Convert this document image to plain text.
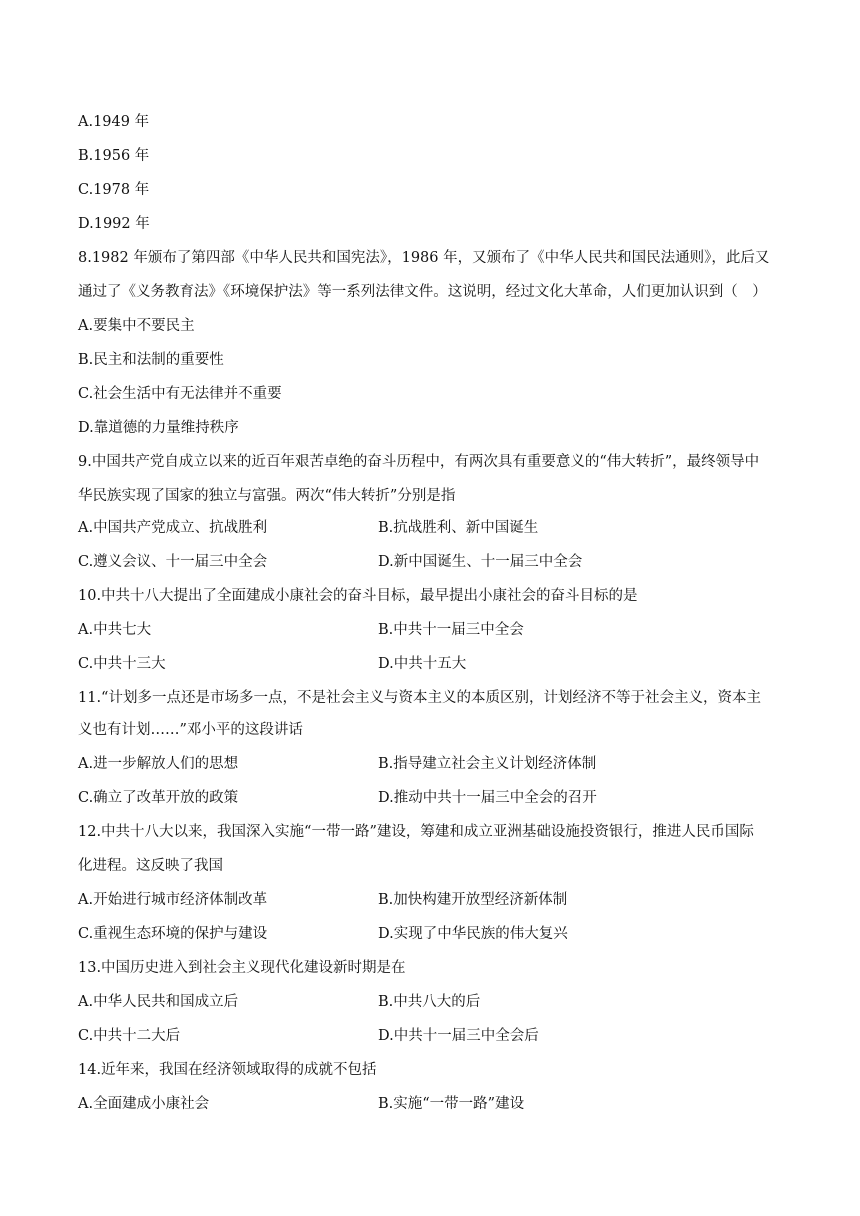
A.1949 年
B.1956 年
C.1978 年
D.1992 年
8.1982 年颁布了第四部《中华人民共和国宪法》，1986 年，又颁布了《中华人民共和国民法通则》，此后又
通过了《义务教育法》《环境保护法》等一系列法律文件。这说明，经过文化大革命，人们更加认识到（　）
A.要集中不要民主
B.民主和法制的重要性
C.社会生活中有无法律并不重要
D.靠道德的力量维持秩序
9.中国共产党自成立以来的近百年艰苦卓绝的奋斗历程中，有两次具有重要意义的“伟大转折”，最终领导中
华民族实现了国家的独立与富强。两次“伟大转折”分别是指
A.中国共产党成立、抗战胜利	B.抗战胜利、新中国诞生
C.遵义会议、十一届三中全会	D.新中国诞生、十一届三中全会
10.中共十八大提出了全面建成小康社会的奋斗目标，最早提出小康社会的奋斗目标的是
A.中共七大	B.中共十一届三中全会
C.中共十三大	D.中共十五大
11.“计划多一点还是市场多一点，不是社会主义与资本主义的本质区别，计划经济不等于社会主义，资本主
义也有计划……”邓小平的这段讲话
A.进一步解放人们的思想	B.指导建立社会主义计划经济体制
C.确立了改革开放的政策	D.推动中共十一届三中全会的召开
12.中共十八大以来，我国深入实施“一带一路”建设，筹建和成立亚洲基础设施投资银行，推进人民币国际
化进程。这反映了我国
A.开始进行城市经济体制改革	B.加快构建开放型经济新体制
C.重视生态环境的保护与建设	D.实现了中华民族的伟大复兴
13.中国历史进入到社会主义现代化建设新时期是在
A.中华人民共和国成立后	B.中共八大的后
C.中共十二大后	D.中共十一届三中全会后
14.近年来，我国在经济领域取得的成就不包括
A.全面建成小康社会	B.实施“一带一路”建设
